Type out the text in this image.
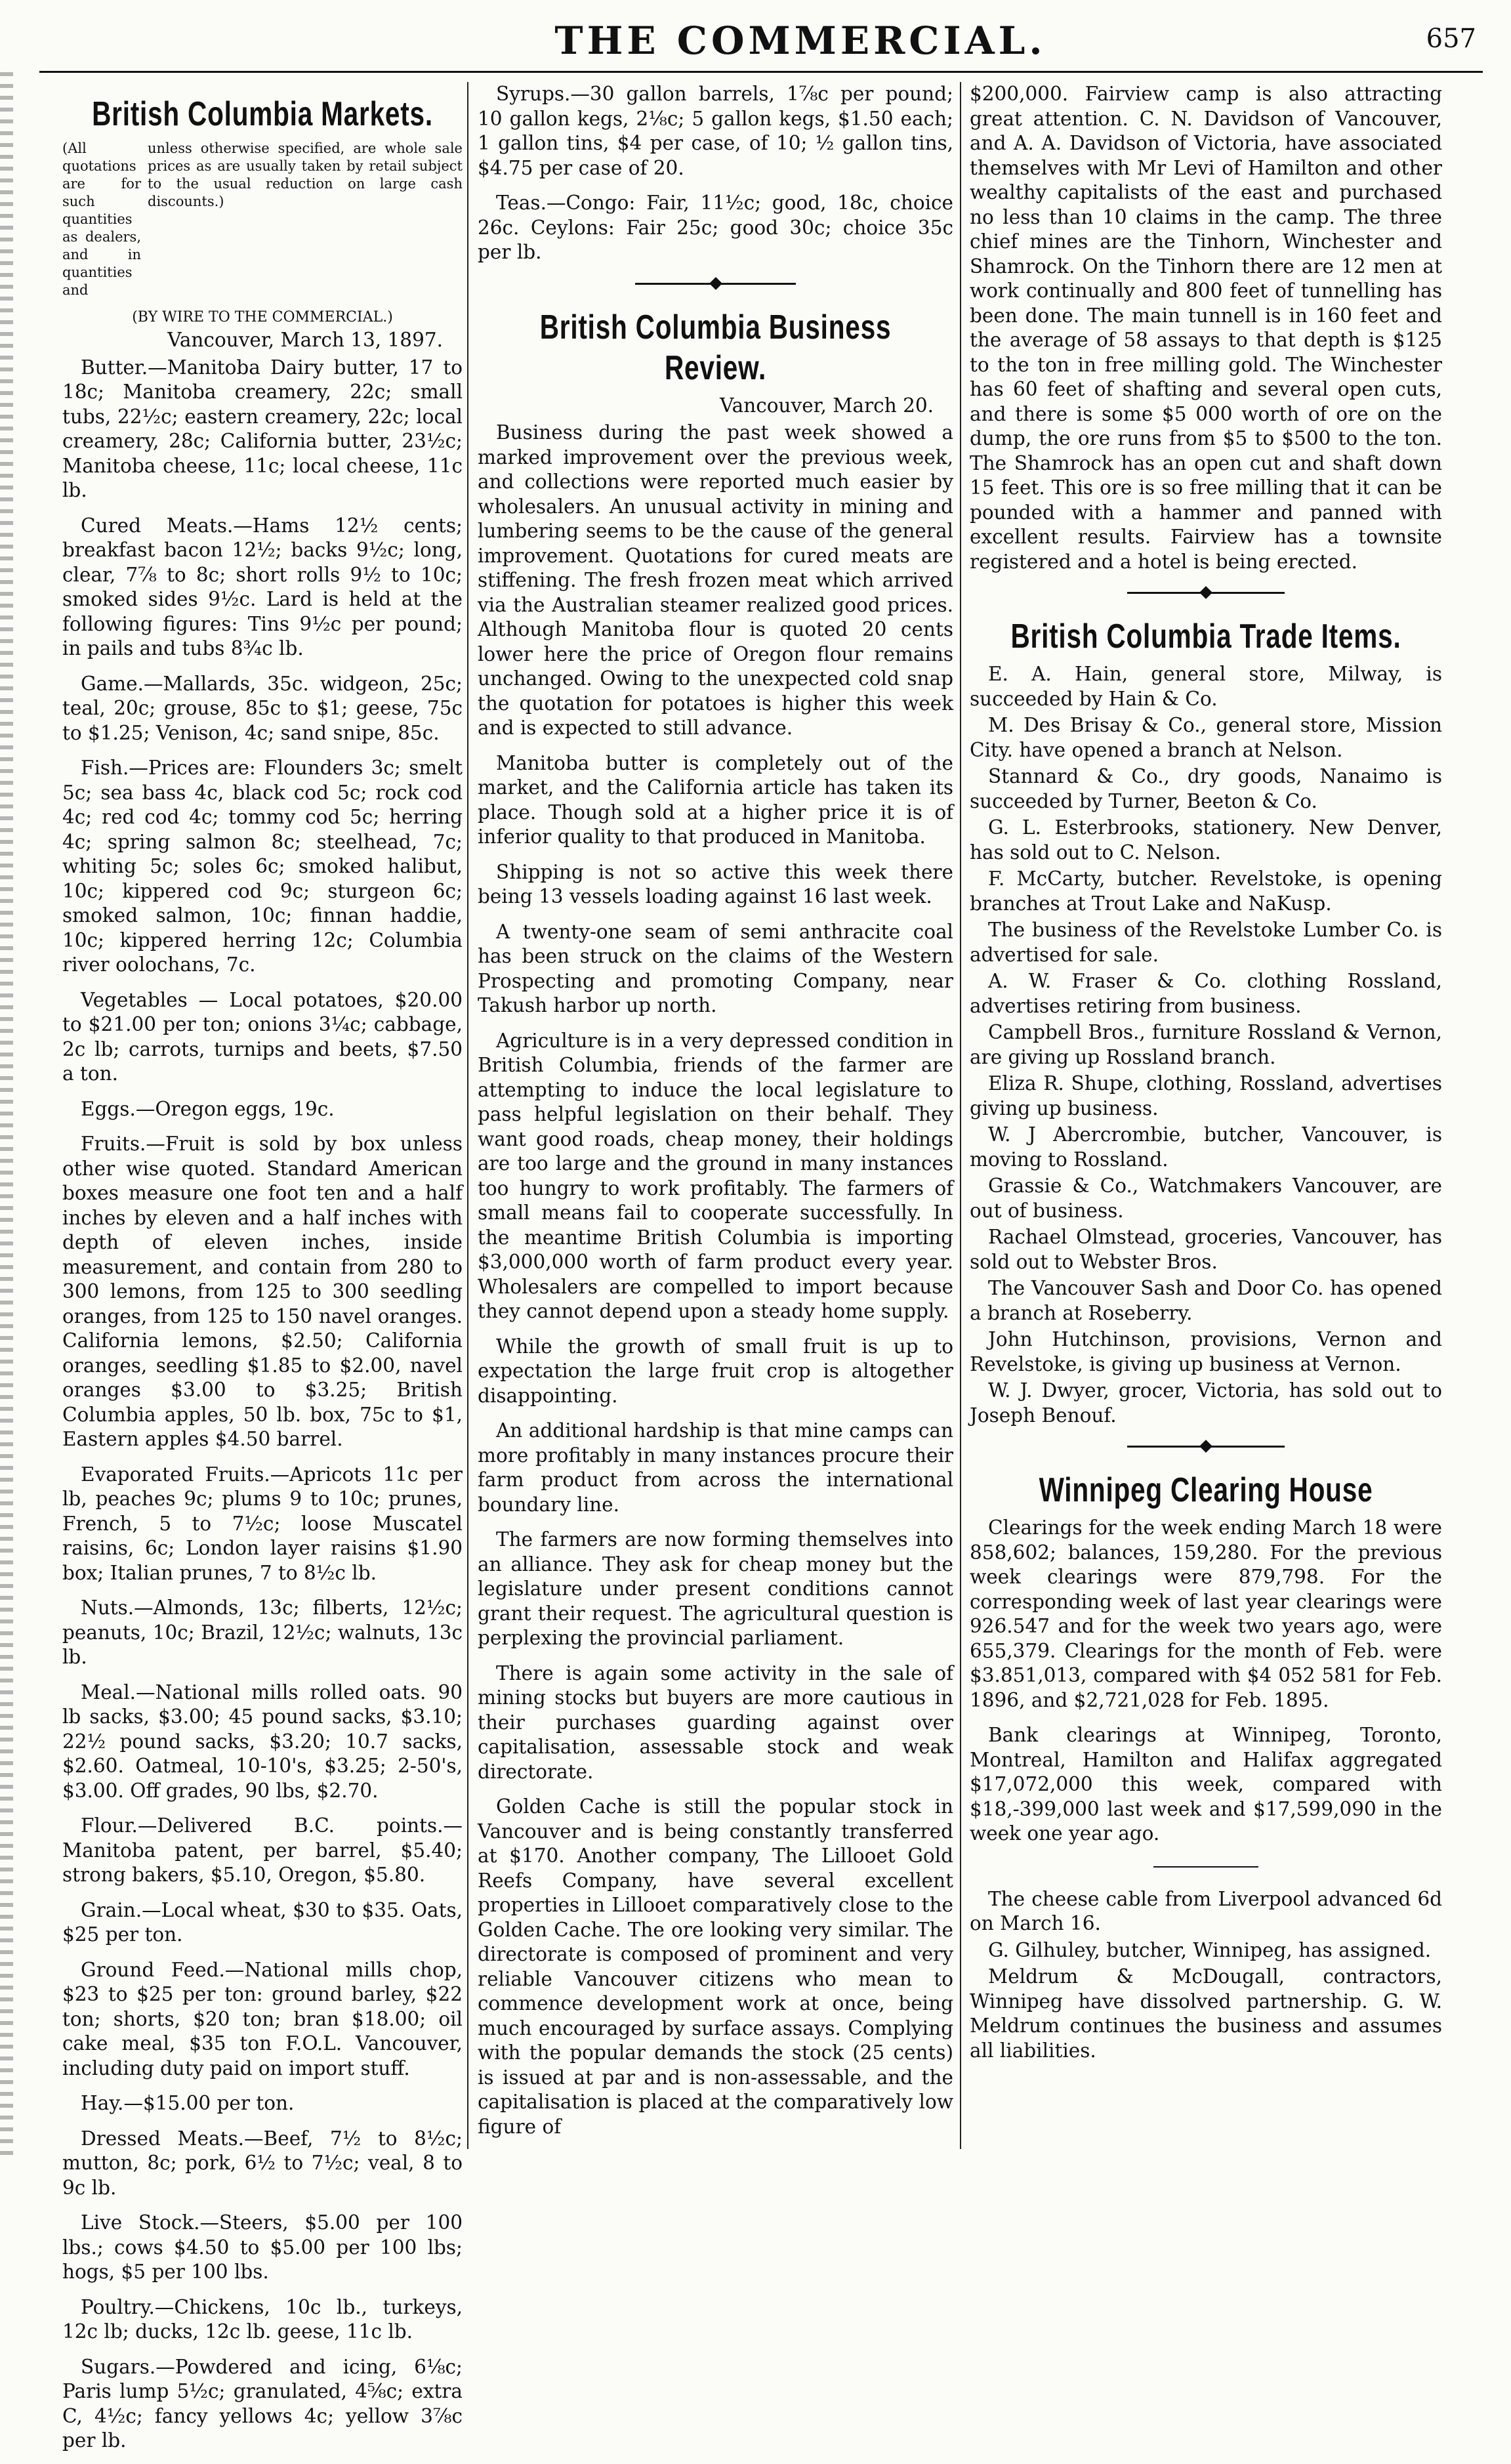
THE COMMERCIAL.	657
British Columbia Markets.
(All quotations are for such quantities as dealers, and in quantities and
unless otherwise specified, are whole sale prices as are usually taken by retail subject to the usual reduction on large cash discounts.)

(BY WIRE TO THE COMMERCIAL.)

Vancouver, March 13, 1897.

Butter.—Manitoba Dairy butter, 17 to 18c; Manitoba creamery, 22c; small tubs, 22½c; eastern creamery, 22c; local creamery, 28c; California butter, 23½c; Manitoba cheese, 11c; local cheese, 11c lb.

Cured Meats.—Hams 12½ cents; breakfast bacon 12½; backs 9½c; long, clear, 7⅞ to 8c; short rolls 9½ to 10c; smoked sides 9½c. Lard is held at the following figures: Tins 9½c per pound; in pails and tubs 8¾c lb.

Game.—Mallards, 35c. widgeon, 25c; teal, 20c; grouse, 85c to $1; geese, 75c to $1.25; Venison, 4c; sand snipe, 85c.

Fish.—Prices are: Flounders 3c; smelt 5c; sea bass 4c, black cod 5c; rock cod 4c; red cod 4c; tommy cod 5c; herring 4c; spring salmon 8c; steelhead, 7c; whiting 5c; soles 6c; smoked halibut, 10c; kippered cod 9c; sturgeon 6c; smoked salmon, 10c; finnan haddie, 10c; kippered herring 12c; Columbia river oolochans, 7c.

Vegetables — Local potatoes, $20.00 to $21.00 per ton; onions 3¼c; cabbage, 2c lb; carrots, turnips and beets, $7.50 a ton.

Eggs.—Oregon eggs, 19c.

Fruits.—Fruit is sold by box unless other wise quoted. Standard American boxes measure one foot ten and a half inches by eleven and a half inches with depth of eleven inches, inside measurement, and contain from 280 to 300 lemons, from 125 to 300 seedling oranges, from 125 to 150 navel oranges. California lemons, $2.50; California oranges, seedling $1.85 to $2.00, navel oranges $3.00 to $3.25; British Columbia apples, 50 lb. box, 75c to $1, Eastern apples $4.50 barrel.

Evaporated Fruits.—Apricots 11c per lb, peaches 9c; plums 9 to 10c; prunes, French, 5 to 7½c; loose Muscatel raisins, 6c; London layer raisins $1.90 box; Italian prunes, 7 to 8½c lb.

Nuts.—Almonds, 13c; filberts, 12½c; peanuts, 10c; Brazil, 12½c; walnuts, 13c lb.

Meal.—National mills rolled oats. 90 lb sacks, $3.00; 45 pound sacks, $3.10; 22½ pound sacks, $3.20; 10.7 sacks, $2.60. Oatmeal, 10-10's, $3.25; 2-50's, $3.00. Off grades, 90 lbs, $2.70.

Flour.—Delivered B.C. points.— Manitoba patent, per barrel, $5.40; strong bakers, $5.10, Oregon, $5.80.

Grain.—Local wheat, $30 to $35. Oats, $25 per ton.

Ground Feed.—National mills chop, $23 to $25 per ton: ground barley, $22 ton; shorts, $20 ton; bran $18.00; oil cake meal, $35 ton F.O.L. Vancouver, including duty paid on import stuff.

Hay.—$15.00 per ton.

Dressed Meats.—Beef, 7½ to 8½c; mutton, 8c; pork, 6½ to 7½c; veal, 8 to 9c lb.

Live Stock.—Steers, $5.00 per 100 lbs.; cows $4.50 to $5.00 per 100 lbs; hogs, $5 per 100 lbs.

Poultry.—Chickens, 10c lb., turkeys, 12c lb; ducks, 12c lb. geese, 11c lb.

Sugars.—Powdered and icing, 6⅛c; Paris lump 5½c; granulated, 4⅝c; extra C, 4½c; fancy yellows 4c; yellow 3⅞c per lb.

Syrups.—30 gallon barrels, 1⅞c per pound; 10 gallon kegs, 2⅛c; 5 gallon kegs, $1.50 each; 1 gallon tins, $4 per case, of 10; ½ gallon tins, $4.75 per case of 20.

Teas.—Congo: Fair, 11½c; good, 18c, choice 26c. Ceylons: Fair 25c; good 30c; choice 35c per lb.

British Columbia Business Review.
Vancouver, March 20.

Business during the past week showed a marked improvement over the previous week, and collections were reported much easier by wholesalers. An unusual activity in mining and lumbering seems to be the cause of the general improvement. Quotations for cured meats are stiffening. The fresh frozen meat which arrived via the Australian steamer realized good prices. Although Manitoba flour is quoted 20 cents lower here the price of Oregon flour remains unchanged. Owing to the unexpected cold snap the quotation for potatoes is higher this week and is expected to still advance.

Manitoba butter is completely out of the market, and the California article has taken its place. Though sold at a higher price it is of inferior quality to that produced in Manitoba.

Shipping is not so active this week there being 13 vessels loading against 16 last week.

A twenty-one seam of semi anthracite coal has been struck on the claims of the Western Prospecting and promoting Company, near Takush harbor up north.

Agriculture is in a very depressed condition in British Columbia, friends of the farmer are attempting to induce the local legislature to pass helpful legislation on their behalf. They want good roads, cheap money, their holdings are too large and the ground in many instances too hungry to work profitably. The farmers of small means fail to cooperate successfully. In the meantime British Columbia is importing $3,000,000 worth of farm product every year. Wholesalers are compelled to import because they cannot depend upon a steady home supply.

While the growth of small fruit is up to expectation the large fruit crop is altogether disappointing.

An additional hardship is that mine camps can more profitably in many instances procure their farm product from across the international boundary line.

The farmers are now forming themselves into an alliance. They ask for cheap money but the legislature under present conditions cannot grant their request. The agricultural question is perplexing the provincial parliament.

There is again some activity in the sale of mining stocks but buyers are more cautious in their purchases guarding against over capitalisation, assessable stock and weak directorate.

Golden Cache is still the popular stock in Vancouver and is being constantly transferred at $170. Another company, The Lillooet Gold Reefs Company, have several excellent properties in Lillooet comparatively close to the Golden Cache. The ore looking very similar. The directorate is composed of prominent and very reliable Vancouver citizens who mean to commence development work at once, being much encouraged by surface assays. Complying with the popular demands the stock (25 cents) is issued at par and is non-assessable, and the capitalisation is placed at the comparatively low figure of

$200,000. Fairview camp is also attracting great attention. C. N. Davidson of Vancouver, and A. A. Davidson of Victoria, have associated themselves with Mr Levi of Hamilton and other wealthy capitalists of the east and purchased no less than 10 claims in the camp. The three chief mines are the Tinhorn, Winchester and Shamrock. On the Tinhorn there are 12 men at work continually and 800 feet of tunnelling has been done. The main tunnell is in 160 feet and the average of 58 assays to that depth is $125 to the ton in free milling gold. The Winchester has 60 feet of shafting and several open cuts, and there is some $5 000 worth of ore on the dump, the ore runs from $5 to $500 to the ton. The Shamrock has an open cut and shaft down 15 feet. This ore is so free milling that it can be pounded with a hammer and panned with excellent results. Fairview has a townsite registered and a hotel is being erected.

British Columbia Trade Items.

E. A. Hain, general store, Milway, is succeeded by Hain & Co.

M. Des Brisay & Co., general store, Mission City. have opened a branch at Nelson.

Stannard & Co., dry goods, Nanaimo is succeeded by Turner, Beeton & Co.

G. L. Esterbrooks, stationery. New Denver, has sold out to C. Nelson.

F. McCarty, butcher. Revelstoke, is opening branches at Trout Lake and NaKusp.

The business of the Revelstoke Lumber Co. is advertised for sale.

A. W. Fraser & Co. clothing Rossland, advertises retiring from business.

Campbell Bros., furniture Rossland & Vernon, are giving up Rossland branch.

Eliza R. Shupe, clothing, Rossland, advertises giving up business.

W. J Abercrombie, butcher, Vancouver, is moving to Rossland.

Grassie & Co., Watchmakers Vancouver, are out of business.

Rachael Olmstead, groceries, Vancouver, has sold out to Webster Bros.

The Vancouver Sash and Door Co. has opened a branch at Roseberry.

John Hutchinson, provisions, Vernon and Revelstoke, is giving up business at Vernon.

W. J. Dwyer, grocer, Victoria, has sold out to Joseph Benouf.

Winnipeg Clearing House

Clearings for the week ending March 18 were 858,602; balances, 159,280. For the previous week clearings were 879,798. For the corresponding week of last year clearings were 926.547 and for the week two years ago, were 655,379. Clearings for the month of Feb. were $3.851,013, compared with $4 052 581 for Feb. 1896, and $2,721,028 for Feb. 1895.

Bank clearings at Winnipeg, Toronto, Montreal, Hamilton and Halifax aggregated $17,072,000 this week, compared with $18,-399,000 last week and $17,599,090 in the week one year ago.

The cheese cable from Liverpool advanced 6d on March 16.

G. Gilhuley, butcher, Winnipeg, has assigned.

Meldrum & McDougall, contractors, Winnipeg have dissolved partnership. G. W. Meldrum continues the business and assumes all liabilities.
